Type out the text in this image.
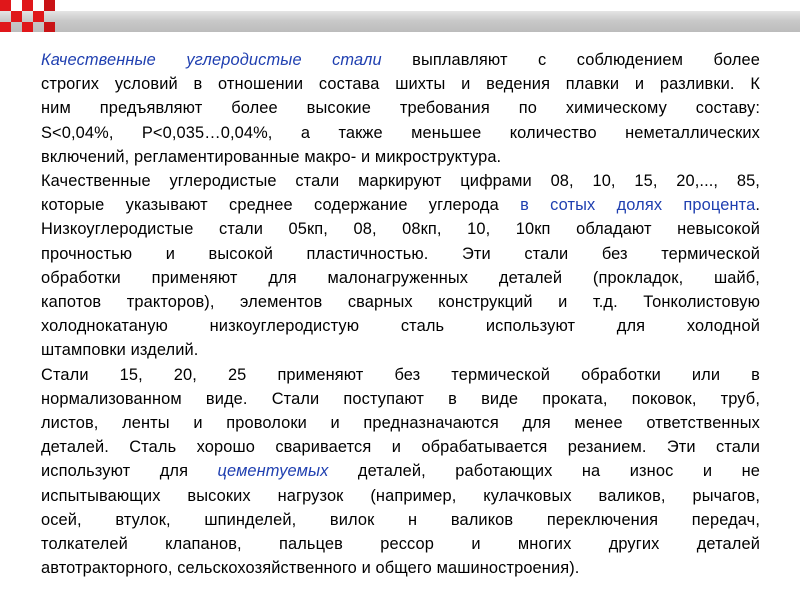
Качественные углеродистые стали выплавляют с соблюдением более
строгих условий в отношении состава шихты и ведения плавки и разливки. К
ним предъявляют более высокие требования по химическому составу:
S<0,04%, P<0,035…0,04%, а также меньшее количество неметаллических
включений, регламентированные макро- и микроструктура.

Качественные углеродистые стали маркируют цифрами 08, 10, 15, 20,..., 85,
которые указывают среднее содержание углерода в сотых долях процента.
Низкоуглеродистые стали 05кп, 08, 08кп, 10, 10кп обладают невысокой
прочностью и высокой пластичностью. Эти стали без термической
обработки применяют для малонагруженных деталей (прокладок, шайб,
капотов тракторов), элементов сварных конструкций и т.д. Тонколистовую
холоднокатаную низкоуглеродистую сталь используют для холодной
штамповки изделий.

Стали 15, 20, 25 применяют без термической обработки или в
нормализованном виде. Стали поступают в виде проката, поковок, труб,
листов, ленты и проволоки и предназначаются для менее ответственных
деталей. Сталь хорошо сваривается и обрабатывается резанием. Эти стали
используют для цементуемых деталей, работающих на износ и не
испытывающих высоких нагрузок (например, кулачковых валиков, рычагов,
осей, втулок, шпинделей, вилок н валиков переключения передач,
толкателей клапанов, пальцев рессор и многих других деталей
автотракторного, сельскохозяйственного и общего машиностроения).
